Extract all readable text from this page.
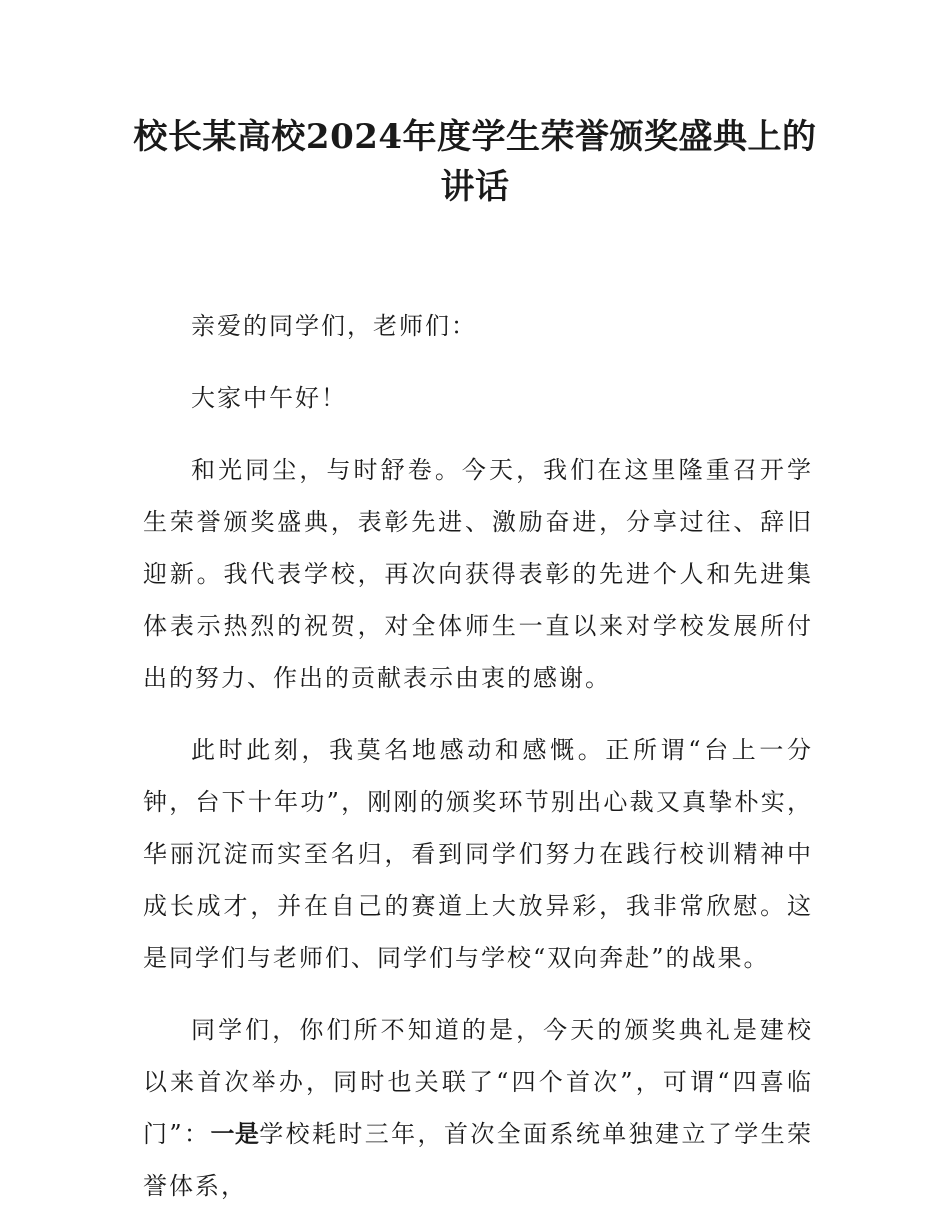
校长某高校2024年度学生荣誉颁奖盛典上的讲话

亲爱的同学们，老师们：

大家中午好！

和光同尘，与时舒卷。今天，我们在这里隆重召开学生荣誉颁奖盛典，表彰先进、激励奋进，分享过往、辞旧迎新。我代表学校，再次向获得表彰的先进个人和先进集体表示热烈的祝贺，对全体师生一直以来对学校发展所付出的努力、作出的贡献表示由衷的感谢。

此时此刻，我莫名地感动和感慨。正所谓“台上一分钟，台下十年功”，刚刚的颁奖环节别出心裁又真挚朴实，华丽沉淀而实至名归，看到同学们努力在践行校训精神中成长成才，并在自己的赛道上大放异彩，我非常欣慰。这是同学们与老师们、同学们与学校“双向奔赴”的战果。

同学们，你们所不知道的是，今天的颁奖典礼是建校以来首次举办，同时也关联了“四个首次”，可谓“四喜临门”：一是学校耗时三年，首次全面系统单独建立了学生荣誉体系，
